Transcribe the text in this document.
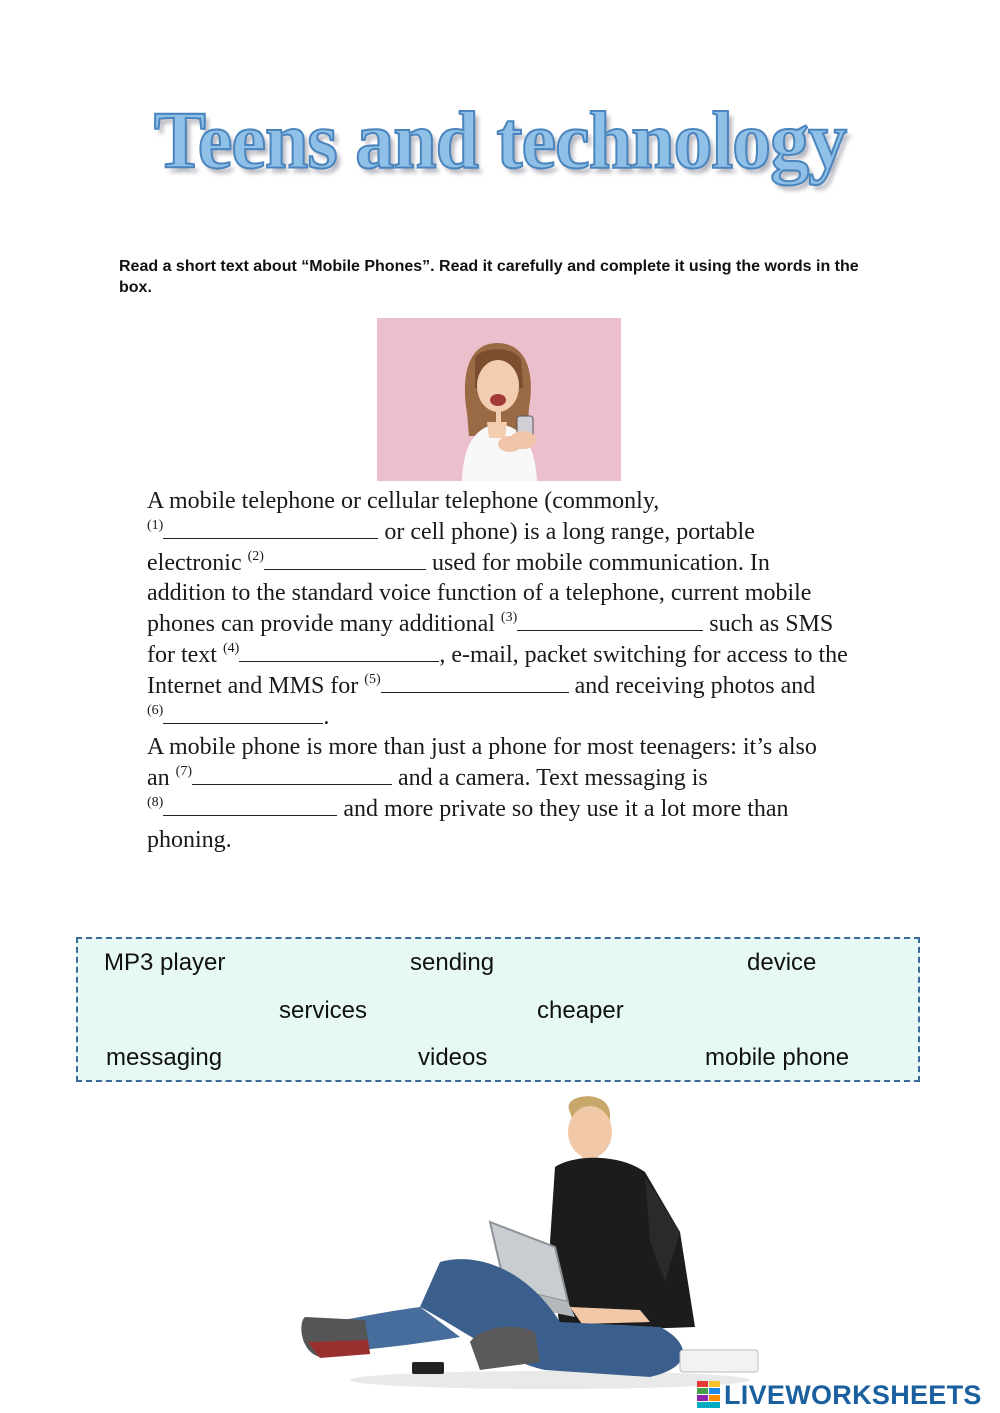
Teens and technology
Read a short text about “Mobile Phones”. Read it carefully and complete it using the words in the box.
A mobile telephone or cellular telephone (commonly,
$^{(1)}$	or cell phone) is a long range, portable
electronic $^{(2)}$	used for mobile communication. In
addition to the standard voice function of a telephone, current mobile
phones can provide many additional $^{(3)}$	such as SMS
for text $^{(4)}$	, e-mail, packet switching for access to the
Internet and MMS for $^{(5)}$	and receiving photos and
$^{(6)}$	.
A mobile phone is more than just a phone for most teenagers: it’s also
an $^{(7)}$	and a camera. Text messaging is
$^{(8)}$	and more private so they use it a lot more than
phoning.
MP3 player	sending	device
services	cheaper
messaging	videos	mobile phone
LIVEWORKSHEETS
